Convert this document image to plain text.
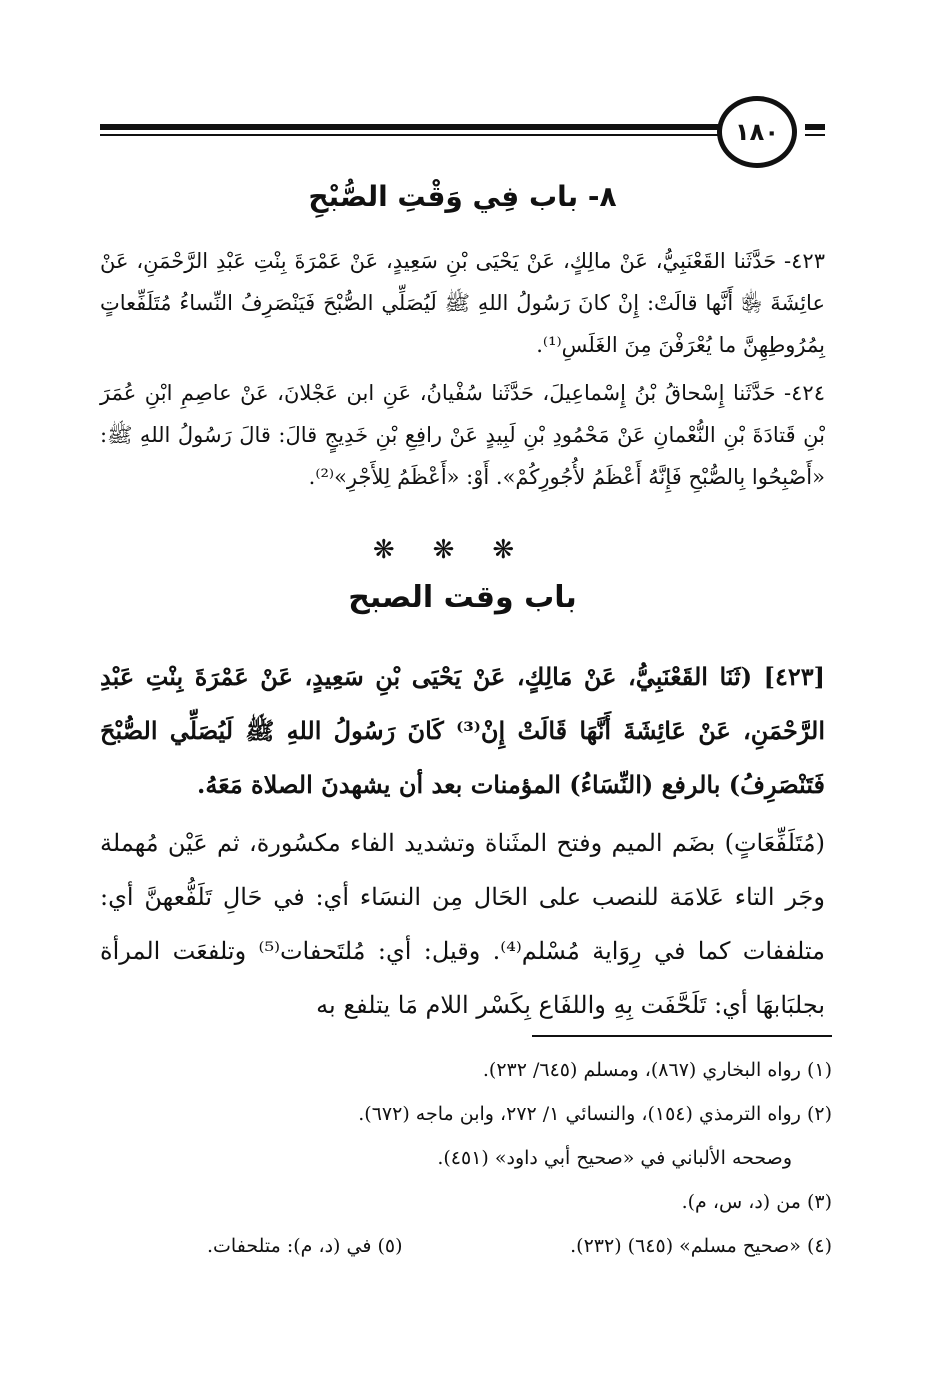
١٨٠
٨- باب فِي وَقْتِ الصُّبْحِ

٤٢٣- حَدَّثَنا القَعْنَبِيُّ، عَنْ مالِكٍ، عَنْ يَحْيَى بْنِ سَعِيدٍ، عَنْ عَمْرَةَ بِنْتِ عَبْدِ الرَّحْمَنِ، عَنْ عائِشَةَ ﵂ أَنَّها قالَتْ: إِنْ كانَ رَسُولُ اللهِ ﷺ لَيُصَلِّي الصُّبْحَ فَيَنْصَرِفُ النِّساءُ مُتَلَفِّعاتٍ بِمُرُوطِهِنَّ ما يُعْرَفْنَ مِنَ الغَلَسِ⁽¹⁾.

٤٢٤- حَدَّثَنا إِسْحاقُ بْنُ إِسْماعِيلَ، حَدَّثَنا سُفْيانُ، عَنِ ابن عَجْلانَ، عَنْ عاصِمِ ابْنِ عُمَرَ بْنِ قَتادَةَ بْنِ النُّعْمانِ عَنْ مَحْمُودِ بْنِ لَبِيدٍ عَنْ رافِعِ بْنِ خَدِيجٍ قالَ: قالَ رَسُولُ اللهِ ﷺ: «أَصْبِحُوا بِالصُّبْحِ فَإِنَّهُ أَعْظَمُ لأُجُورِكُمْ». أَوْ: «أَعْظَمُ لِلأَجْرِ»⁽²⁾.

❋❋❋
باب وقت الصبح

[٤٢٣] (ثَنَا القَعْنَبِيُّ، عَنْ مَالِكٍ، عَنْ يَحْيَى بْنِ سَعِيدٍ، عَنْ عَمْرَةَ بِنْتِ عَبْدِ الرَّحْمَنِ، عَنْ عَائِشَةَ أَنَّهَا قَالَتْ إِنْ⁽³⁾ كَانَ رَسُولُ اللهِ ﷺ لَيُصَلِّي الصُّبْحَ فَتَنْصَرِفُ) بالرفع (النِّسَاءُ) المؤمنات بعد أن يشهدنَ الصلاة مَعَهُ.

(مُتَلَفِّعَاتٍ) بضَم الميم وفتح المثَناة وتشديد الفاء مكسُورة، ثم عَيْن مُهملة وجَر التاء عَلامَة للنصب على الحَال مِن النسَاء أي: في حَالِ تَلَفُّعهنَّ أي: متلففات كما في رِوَاية مُسْلم⁽⁴⁾. وقيل: أي: مُلتَحفات⁽⁵⁾ وتلفعَت المرأة بجلبَابهَا أي: تَلَحَّفَت بِهِ واللفَاع بِكَسْر اللام مَا يتلفع به

(١) رواه البخاري (٨٦٧)، ومسلم (٦٤٥/ ٢٣٢).

(٢) رواه الترمذي (١٥٤)، والنسائي ١/ ٢٧٢، وابن ماجه (٦٧٢).

وصححه الألباني في «صحيح أبي داود» (٤٥١).

(٣) من (د، س، م).

(٤) «صحيح مسلم» (٦٤٥) (٢٣٢).
(٥) في (د، م): متلحفات.
